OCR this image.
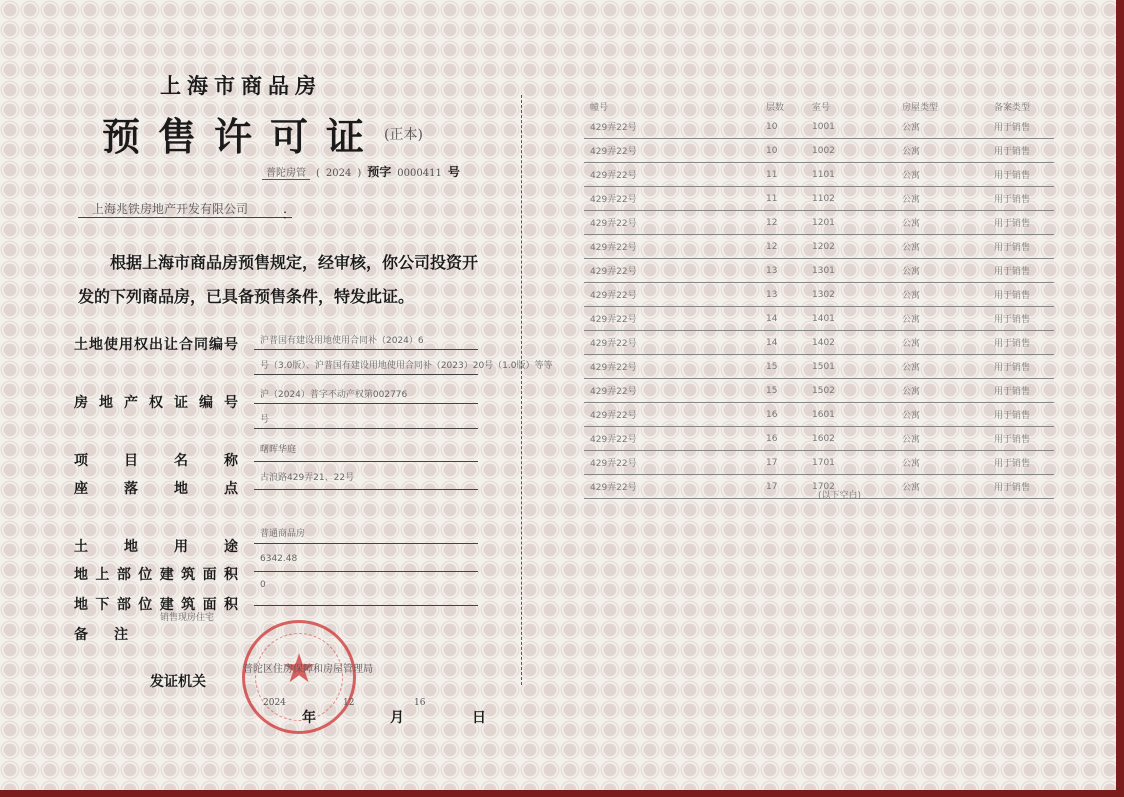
上海市商品房
预售许可证 (正本)
普陀房管	( 2024 ) 预字 0000411 号
上海兆铁房地产开发有限公司	：
根据上海市商品房预售规定，经审核，你公司投资开发的下列商品房，已具备预售条件，特发此证。
土地使用权出让合同编号 沪普国有建设用地使用合同补（2024）6
号（3.0版）、沪普国有建设用地使用合同补（2023）20号（1.0版）等等
房地产权证编号 沪（2024）普字不动产权第002776
号
项目名称
曙晖华庭
座落地点
古浪路429弄21、22号
土地用途
普通商品房
地上部位建筑面积
6342.48
地下部位建筑面积
0
备注
销售现房住宅
★
发证机关
普陀区住房保障和房屋管理局
2024
年
12
月
16
日
幢号	层数	室号	房屋类型	备案类型
429弄22号	10	1001	公寓	用于销售
429弄22号	10	1002	公寓	用于销售
429弄22号	11	1101	公寓	用于销售
429弄22号	11	1102	公寓	用于销售
429弄22号	12	1201	公寓	用于销售
429弄22号	12	1202	公寓	用于销售
429弄22号	13	1301	公寓	用于销售
429弄22号	13	1302	公寓	用于销售
429弄22号	14	1401	公寓	用于销售
429弄22号	14	1402	公寓	用于销售
429弄22号	15	1501	公寓	用于销售
429弄22号	15	1502	公寓	用于销售
429弄22号	16	1601	公寓	用于销售
429弄22号	16	1602	公寓	用于销售
429弄22号	17	1701	公寓	用于销售
429弄22号	17	1702	公寓	用于销售
(以下空白)
